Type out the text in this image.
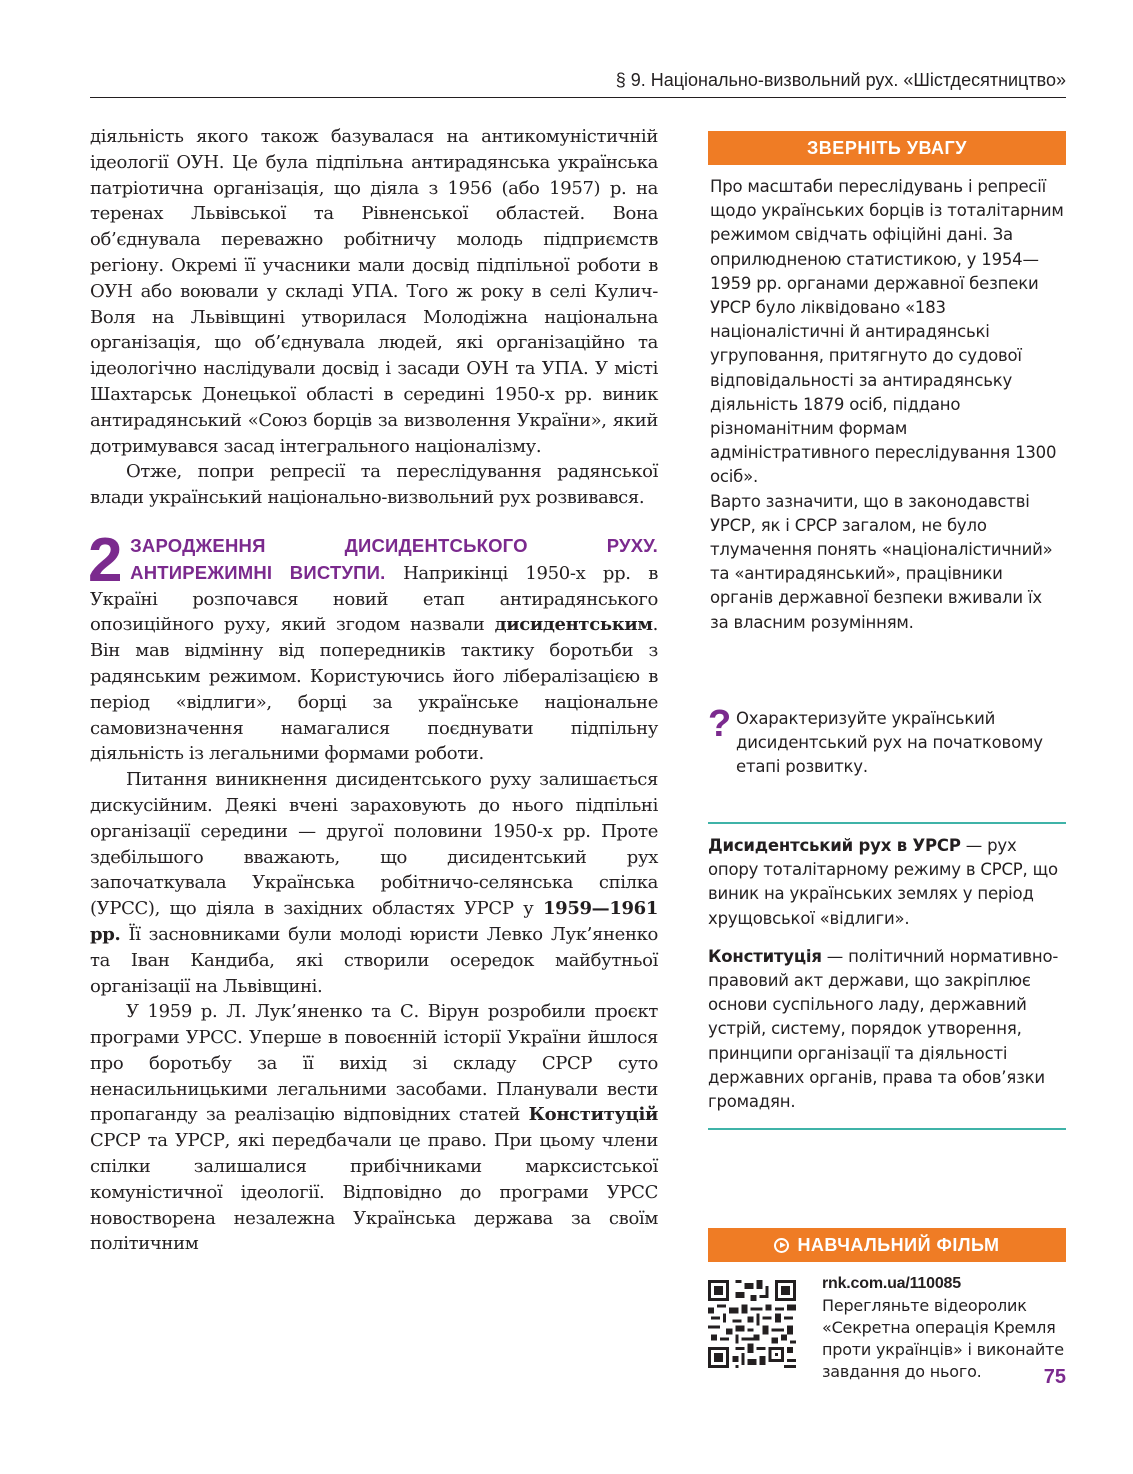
§ 9. Національно-визвольний рух. «Шістдесятництво»

діяльність якого також базувалася на антикомуністичній ідеології ОУН. Це була підпільна антирадянська українська патріотична організація, що діяла з 1956 (або 1957) р. на теренах Львівської та Рівненської областей. Вона об’єднувала переважно робітничу молодь підприємств регіону. Окремі її учасники мали досвід підпільної роботи в ОУН або воювали у складі УПА. Того ж року в селі Кулич-Воля на Львівщині утворилася Молодіжна національна організація, що об’єднувала людей, які організаційно та ідеологічно наслідували досвід і засади ОУН та УПА. У місті Шахтарськ Донецької області в середині 1950-х рр. виник антирадянський «Союз борців за визволення України», який дотримувався засад інтегрального націоналізму.

Отже, попри репресії та переслідування радянської влади український національно-визвольний рух розвивався.

2 ЗАРОДЖЕННЯ ДИСИДЕНТСЬКОГО РУХУ. АНТИРЕЖИМНІ ВИСТУПИ. Наприкінці 1950-х рр. в Україні розпочався новий етап антирадянського опозиційного руху, який згодом назвали дисидентським. Він мав відмінну від попередників тактику боротьби з радянським режимом. Користуючись його лібералізацією в період «відлиги», борці за українське національне самовизначення намагалися поєднувати підпільну діяльність із легальними формами роботи.

Питання виникнення дисидентського руху залишається дискусійним. Деякі вчені зараховують до нього підпільні організації середини — другої половини 1950-х рр. Проте здебільшого вважають, що дисидентський рух започаткувала Українська робітничо-селянська спілка (УРСС), що діяла в західних областях УРСР у 1959—1961 рр. Її засновниками були молоді юристи Левко Лук’яненко та Іван Кандиба, які створили осередок майбутньої організації на Львівщині.

У 1959 р. Л. Лук’яненко та С. Вірун розробили проєкт програми УРСС. Уперше в повоєнній історії України йшлося про боротьбу за її вихід зі складу СРСР суто ненасильницькими легальними засобами. Планували вести пропаганду за реалізацію відповідних статей Конституцій СРСР та УРСР, які передбачали це право. При цьому члени спілки залишалися прибічниками марксистської комуністичної ідеології. Відповідно до програми УРСС новостворена незалежна Українська держава за своїм політичним

ЗВЕРНІТЬ УВАГУ

Про масштаби переслідувань і репресії щодо українських борців із тоталітарним режимом свідчать офіційні дані. За оприлюдненою статистикою, у 1954—1959 рр. органами державної безпеки УРСР було ліквідовано «183 націоналістичні й антирадянські угруповання, притягнуто до судової відповідальності за антирадянську діяльність 1879 осіб, піддано різноманітним формам адміністративного переслідування 1300 осіб».

Варто зазначити, що в законодавстві УРСР, як і СРСР загалом, не було тлумачення понять «націоналістичний» та «антирадянський», працівники органів державної безпеки вживали їх за власним розумінням.

? Охарактеризуйте український дисидентський рух на початковому етапі розвитку.

Дисидентський рух в УРСР — рух опору тоталітарному режиму в СРСР, що виник на українських землях у період хрущовської «відлиги».

Конституція — політичний нормативно-правовий акт держави, що закріплює основи суспільного ладу, державний устрій, систему, порядок утворення, принципи організації та діяльності державних органів, права та обов’язки громадян.

НАВЧАЛЬНИЙ ФІЛЬМ
rnk.com.ua/110085
Перегляньте відеоролик «Секретна операція Кремля проти українців» і виконайте завдання до нього.	75
